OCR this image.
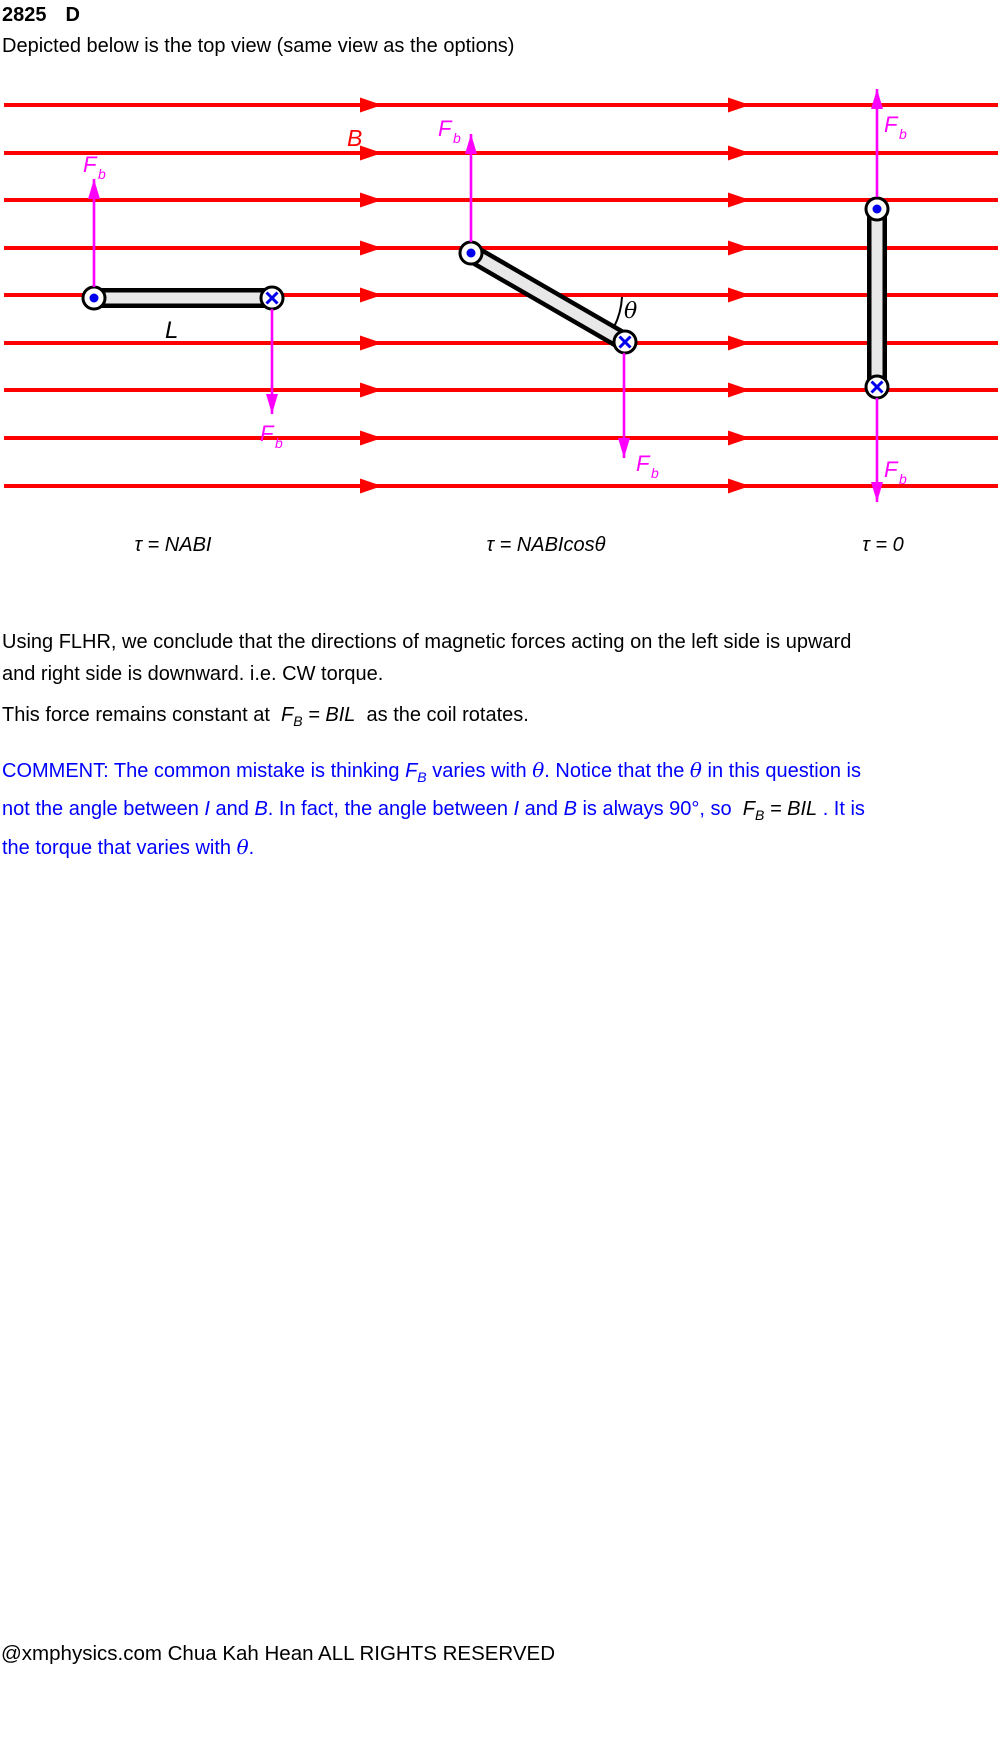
2825 D
Depicted below is the top view (same view as the options)
F b
F b
F b
F b
F b
F b
B
L
θ
τ = NABI	τ = NABIcosθ	τ = 0
Using FLHR, we conclude that the directions of magnetic forces acting on the left side is upward
and right side is downward. i.e. CW torque.
This force remains constant at  $F_B$ = BIL  as the coil rotates.
COMMENT: The common mistake is thinking $F_B$ varies with θ. Notice that the θ in this question is
not the angle between I and B. In fact, the angle between I and B is always 90°, so  $F_B$ = BIL . It is
the torque that varies with θ.
@xmphysics.com Chua Kah Hean ALL RIGHTS RESERVED
